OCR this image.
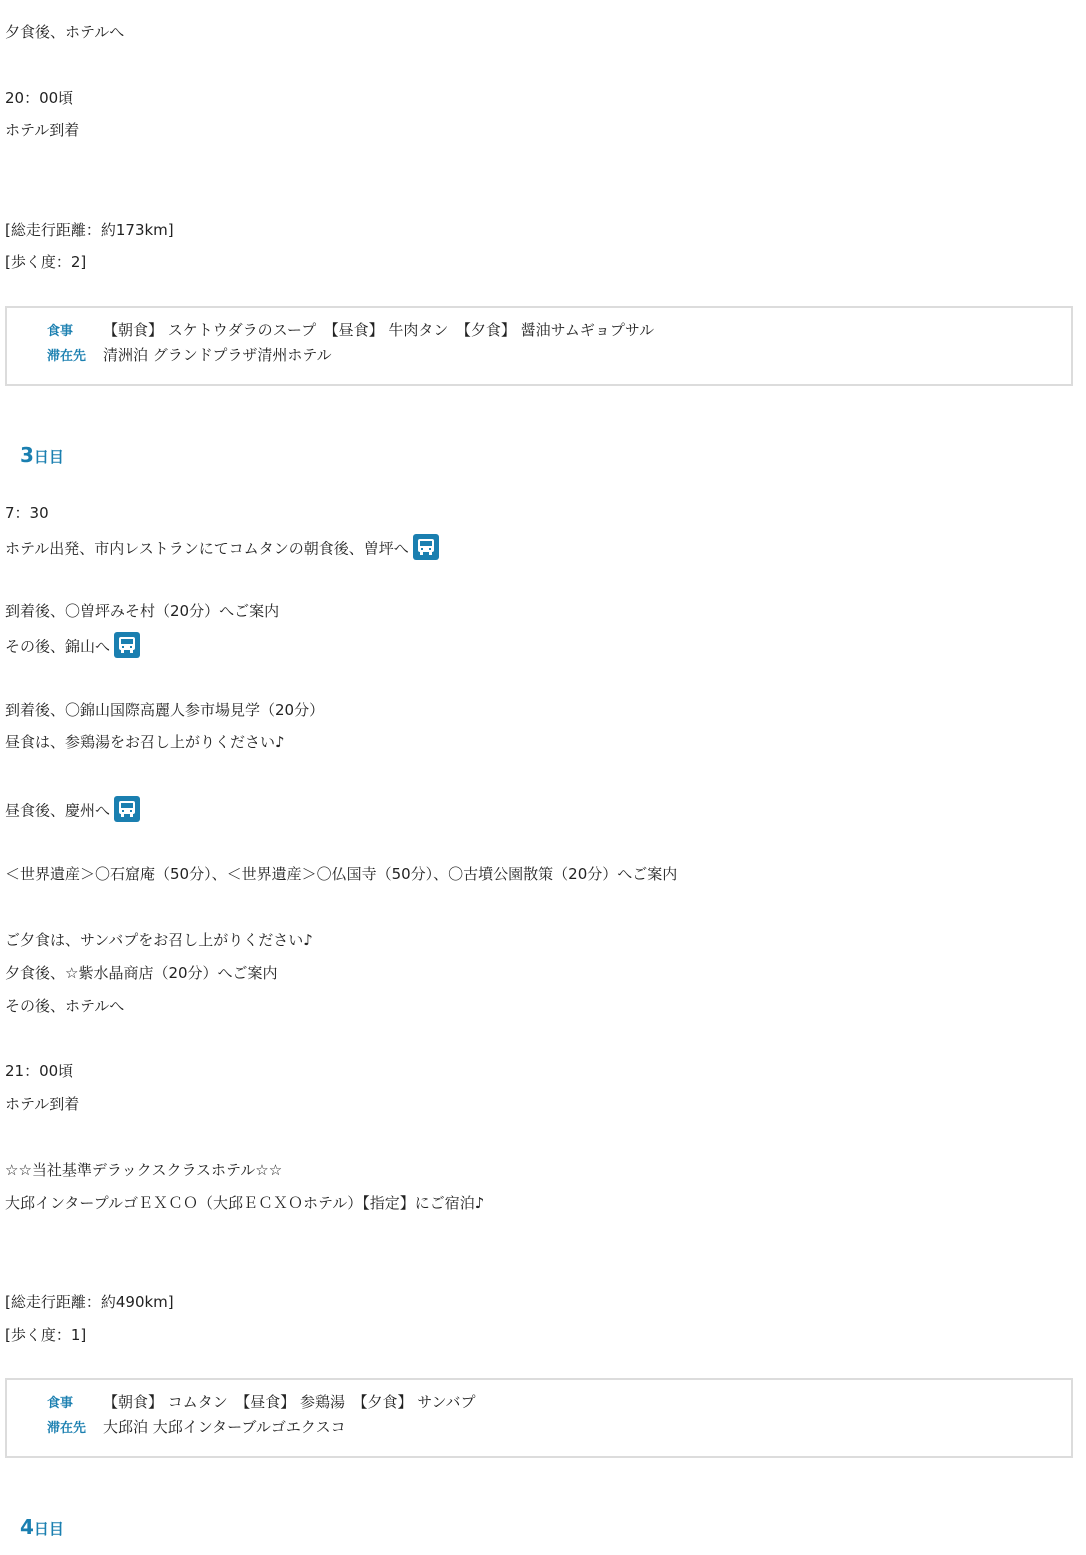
夕食後、ホテルへ
20：00頃
ホテル到着
[総走行距離：約173km]
[歩く度：2]
食事 【朝食】 スケトウダラのスープ　【昼食】 牛肉タン　【夕食】 醤油サムギョプサル
滞在先 清洲泊 グランドプラザ清州ホテル
3日目
7：30
ホテル出発、市内レストランにてコムタンの朝食後、曽坪へ
到着後、〇曽坪みそ村（20分）へご案内
その後、錦山へ
到着後、〇錦山国際高麗人参市場見学（20分）
昼食は、参鶏湯をお召し上がりください♪
昼食後、慶州へ
＜世界遺産＞〇石窟庵（50分）、＜世界遺産＞〇仏国寺（50分）、〇古墳公園散策（20分）へご案内
ご夕食は、サンバプをお召し上がりください♪
夕食後、☆紫水晶商店（20分）へご案内
その後、ホテルへ
21：00頃
ホテル到着
☆☆当社基準デラックスクラスホテル☆☆
大邱インタープルゴＥＸＣＯ（大邱ＥＣＸＯホテル）【指定】にご宿泊♪
[総走行距離：約490km]
[歩く度：1]
食事 【朝食】 コムタン　【昼食】 参鶏湯　【夕食】 サンバプ
滞在先 大邱泊 大邱インターブルゴエクスコ
4日目
